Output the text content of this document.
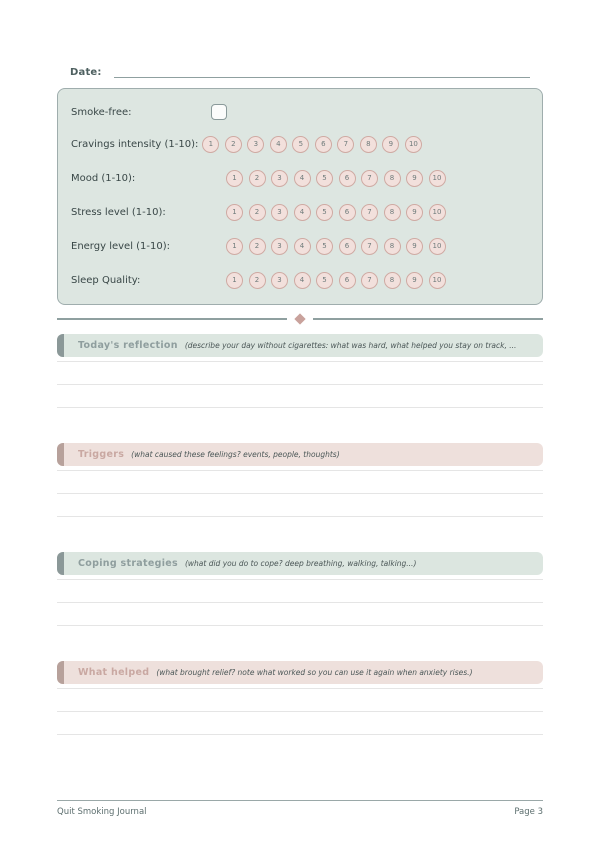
Date:
Smoke-free:
Cravings intensity (1-10):	1	2	3	4	5	6	7	8	9	10
Mood (1-10):	1	2	3	4	5	6	7	8	9	10
Stress level (1-10):	1	2	3	4	5	6	7	8	9	10
Energy level (1-10):	1	2	3	4	5	6	7	8	9	10
Sleep Quality:	1	2	3	4	5	6	7	8	9	10
Today's reflection (describe your day without cigarettes: what was hard, what helped you stay on track, ...
Triggers (what caused these feelings? events, people, thoughts)
Coping strategies (what did you do to cope? deep breathing, walking, talking...)
What helped (what brought relief? note what worked so you can use it again when anxiety rises.)
Quit Smoking Journal	Page 3
